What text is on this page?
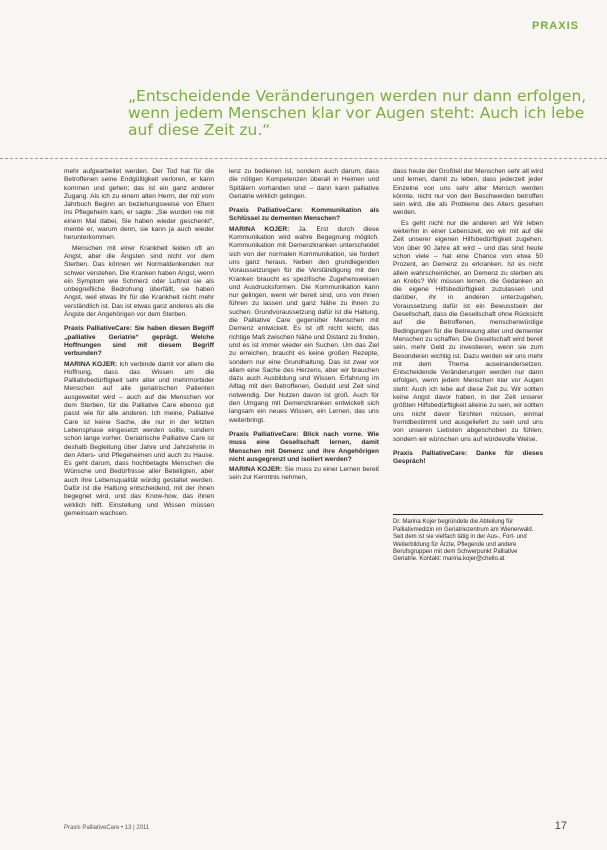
PRAXIS
„Entscheidende Veränderungen werden nur dann erfolgen, wenn jedem Menschen klar vor Augen steht: Auch ich lebe auf diese Zeit zu.“

mehr aufgearbeitet werden. Der Tod hat für die Betroffenen seine Endgültigkeit verloren, er kann kommen und gehen; das ist ein ganz anderer Zugang. Als ich zu einem alten Herrn, der mit vom Jahrbuch Beginn an beziehungsweise von Eltern ins Pflegeheim kam, er sagte: „Sie wurden nie mit einem Mal dabei, Sie haben wieder geschenkt“, meinte er, warum denn, sie kann ja auch wieder herunterkommen.

Menschen mit einer Krankheit leiden oft an Angst, aber die Ängsten sind nicht vor dem Sterben. Das können wir Normaldenkenden nur schwer verstehen. Die Kranken haben Angst, wenn ein Symptom wie Schmerz oder Luftnot sie als unbegreifliche Bedrohung überfällt, sie haben Angst, weil etwas Ihr für die Krankheit nicht mehr verständlich ist. Das ist etwas ganz anderes als die Ängste der Angehörigen vor dem Sterben.

Praxis PalliativeCare: Sie haben diesen Begriff „palliative Geriatrie“ geprägt. Welche Hoffnungen sind mit diesem Begriff verbunden?

MARINA KOJER: Ich verbinde damit vor allem die Hoffnung, dass das Wissen um die Palliativbedürftigkeit sehr alter und mehrmorbider Menschen auf alle geriatrischen Patienten ausgeweitet wird – auch auf die Menschen vor dem Sterben, für die Palliative Care ebenso gut passt wie für alle anderen. Ich meine, Palliative Care ist keine Sache, die nur in der letzten Lebensphase eingesetzt werden sollte, sondern schon lange vorher. Geriatrische Palliative Care ist deshalb Begleitung über Jahre und Jahrzehnte in den Alters- und Pflegeheimen und auch zu Hause. Es geht darum, dass hochbetagte Menschen die Wünsche und Bedürfnisse aller Beteiligten, aber auch ihre Lebensqualität würdig gestaltet werden. Dafür ist die Haltung entscheidend, mit der ihnen begegnet wird, und das Know-how, das ihnen wirklich hilft. Einstellung und Wissen müssen gemeinsam wachsen.

lenz zu bedienen ist, sondern auch darum, dass die nötigen Kompetenzen überall in Heimen und Spitälern vorhanden sind – dann kann palliative Geriatrie wirklich gelingen.

Praxis PalliativeCare: Kommunikation als Schlüssel zu dementen Menschen?

MARINA KOJER: Ja. Erst durch diese Kommunikation wird wahre Begegnung möglich. Kommunikation mit Demenzkranken unterscheidet sich von der normalen Kommunikation, sie fordert uns ganz heraus. Neben den grundlegenden Voraussetzungen für die Verständigung mit den Kranken braucht es spezifische Zugehensweisen und Ausdrucksformen. Die Kommunikation kann nur gelingen, wenn wir bereit sind, uns von ihnen führen zu lassen und ganz Nähe zu ihnen zu suchen. Grundvoraussetzung dafür ist die Haltung, die Palliative Care gegenüber Menschen mit Demenz entwickelt. Es ist oft nicht leicht, das richtige Maß zwischen Nähe und Distanz zu finden, und es ist immer wieder ein Suchen. Um das Ziel zu erreichen, braucht es keine großen Rezepte, sondern nur eine Grundhaltung. Das ist zwar vor allem eine Sache des Herzens, aber wir brauchen dazu auch Ausbildung und Wissen. Erfahrung im Alltag mit den Betroffenen, Geduld und Zeit sind notwendig. Der Nutzen davon ist groß. Auch für den Umgang mit Demenzkranken entwickelt sich langsam ein neues Wissen, ein Lernen, das uns weiterbringt.

Praxis PalliativeCare: Blick nach vorne. Wie muss eine Gesellschaft lernen, damit Menschen mit Demenz und ihre Angehörigen nicht ausgegrenzt und isoliert werden?

MARINA KOJER: Sie muss zu einer Lernen bereit sein zur Kenntnis nehmen,

dass heute der Großteil der Menschen sehr alt wird und lernen, damit zu leben, dass jederzeit jeder Einzelne von uns sehr alter Mensch werden könnte, nicht nur von den Beschwerden betroffen sein wird, die als Probleme des Alters gesehen werden.

Es geht nicht nur die anderen an! Wir leben weiterhin in einer Lebenszeit, wo wir mit auf die Zeit unserer eigenen Hilfsbedürftigkeit zugehen. Von über 90 Jahre alt wird – und das sind heute schon viele – hat eine Chance von etwa 50 Prozent, an Demenz zu erkranken. Ist es nicht allein wahrscheinlicher, an Demenz zu sterben als an Krebs? Wir müssen lernen, die Gedanken an die eigene Hilfsbedürftigkeit zuzulassen und darüber, ihr in anderen unterzugehen, Voraussetzung dafür ist ein Bewusstsein der Gesellschaft, dass die Gesellschaft ohne Rücksicht auf die Betroffenen, menschenwürdige Bedingungen für die Betreuung alter und dementer Menschen zu schaffen. Die Gesellschaft wird bereit sein, mehr Geld zu investieren, wenn sie zum Besonderen wichtig ist. Dazu werden wir uns mehr mit dem Thema auseinandersetzen. Entscheidende Veränderungen werden nur dann erfolgen, wenn jedem Menschen klar vor Augen steht: Auch ich lebe auf diese Zeit zu. Wir sollten keine Angst davor haben, in der Zeit unserer größten Hilfsbedürftigkeit alleine zu sein, wir sollten uns nicht davor fürchten müssen, einmal fremdbestimmt und ausgeliefert zu sein und uns von unseren Liebsten abgeschoben zu fühlen, sondern wir wünschen uns auf würdevolle Weise.

Praxis PalliativeCare: Danke für dieses Gespräch!

Dr. Marina Kojer begründete die Abteilung für Palliativmedizin im Geriatriezentrum am Wienerwald. Seit dem ist sie vielfach tätig in der Aus-, Fort- und Weiterbildung für Ärzte, Pflegende und andere Berufsgruppen mit dem Schwerpunkt Palliative Geriatrie. Kontakt: marina.kojer@chello.at

Praxis PalliativeCare • 13 | 2011	17
